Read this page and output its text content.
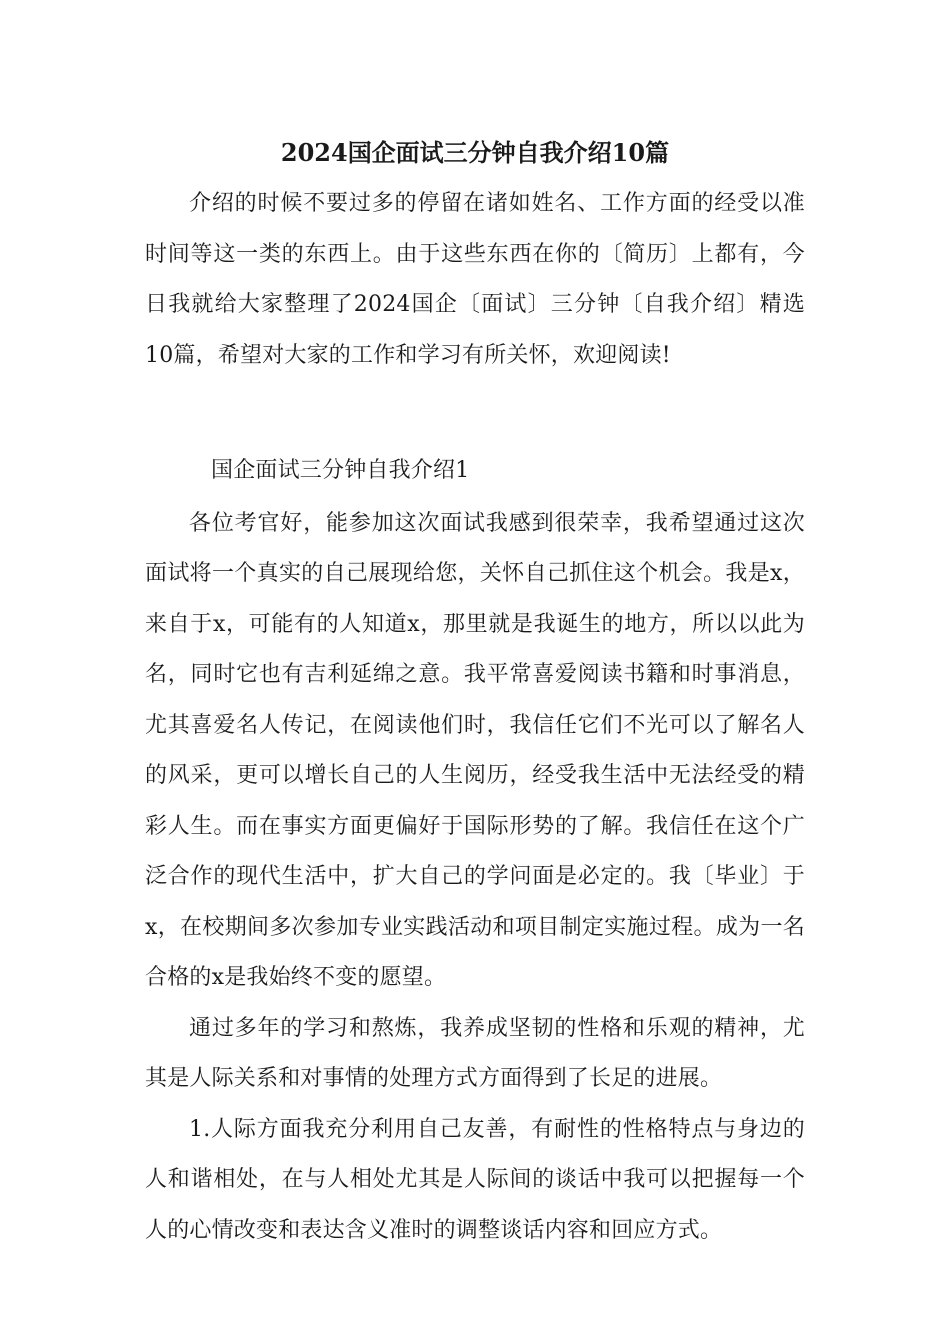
2024国企面试三分钟自我介绍10篇

介绍的时候不要过多的停留在诸如姓名、工作方面的经受以准时间等这一类的东西上。由于这些东西在你的〔简历〕上都有，今日我就给大家整理了2024国企〔面试〕三分钟〔自我介绍〕精选10篇，希望对大家的工作和学习有所关怀，欢迎阅读!

国企面试三分钟自我介绍1

各位考官好，能参加这次面试我感到很荣幸，我希望通过这次面试将一个真实的自己展现给您，关怀自己抓住这个机会。我是x，来自于x，可能有的人知道x，那里就是我诞生的地方，所以以此为名，同时它也有吉利延绵之意。我平常喜爱阅读书籍和时事消息，尤其喜爱名人传记，在阅读他们时，我信任它们不光可以了解名人的风采，更可以增长自己的人生阅历，经受我生活中无法经受的精彩人生。而在事实方面更偏好于国际形势的了解。我信任在这个广泛合作的现代生活中，扩大自己的学问面是必定的。我〔毕业〕于x，在校期间多次参加专业实践活动和项目制定实施过程。成为一名合格的x是我始终不变的愿望。

通过多年的学习和熬炼，我养成坚韧的性格和乐观的精神，尤其是人际关系和对事情的处理方式方面得到了长足的进展。

1.人际方面我充分利用自己友善，有耐性的性格特点与身边的人和谐相处，在与人相处尤其是人际间的谈话中我可以把握每一个人的心情改变和表达含义准时的调整谈话内容和回应方式。
